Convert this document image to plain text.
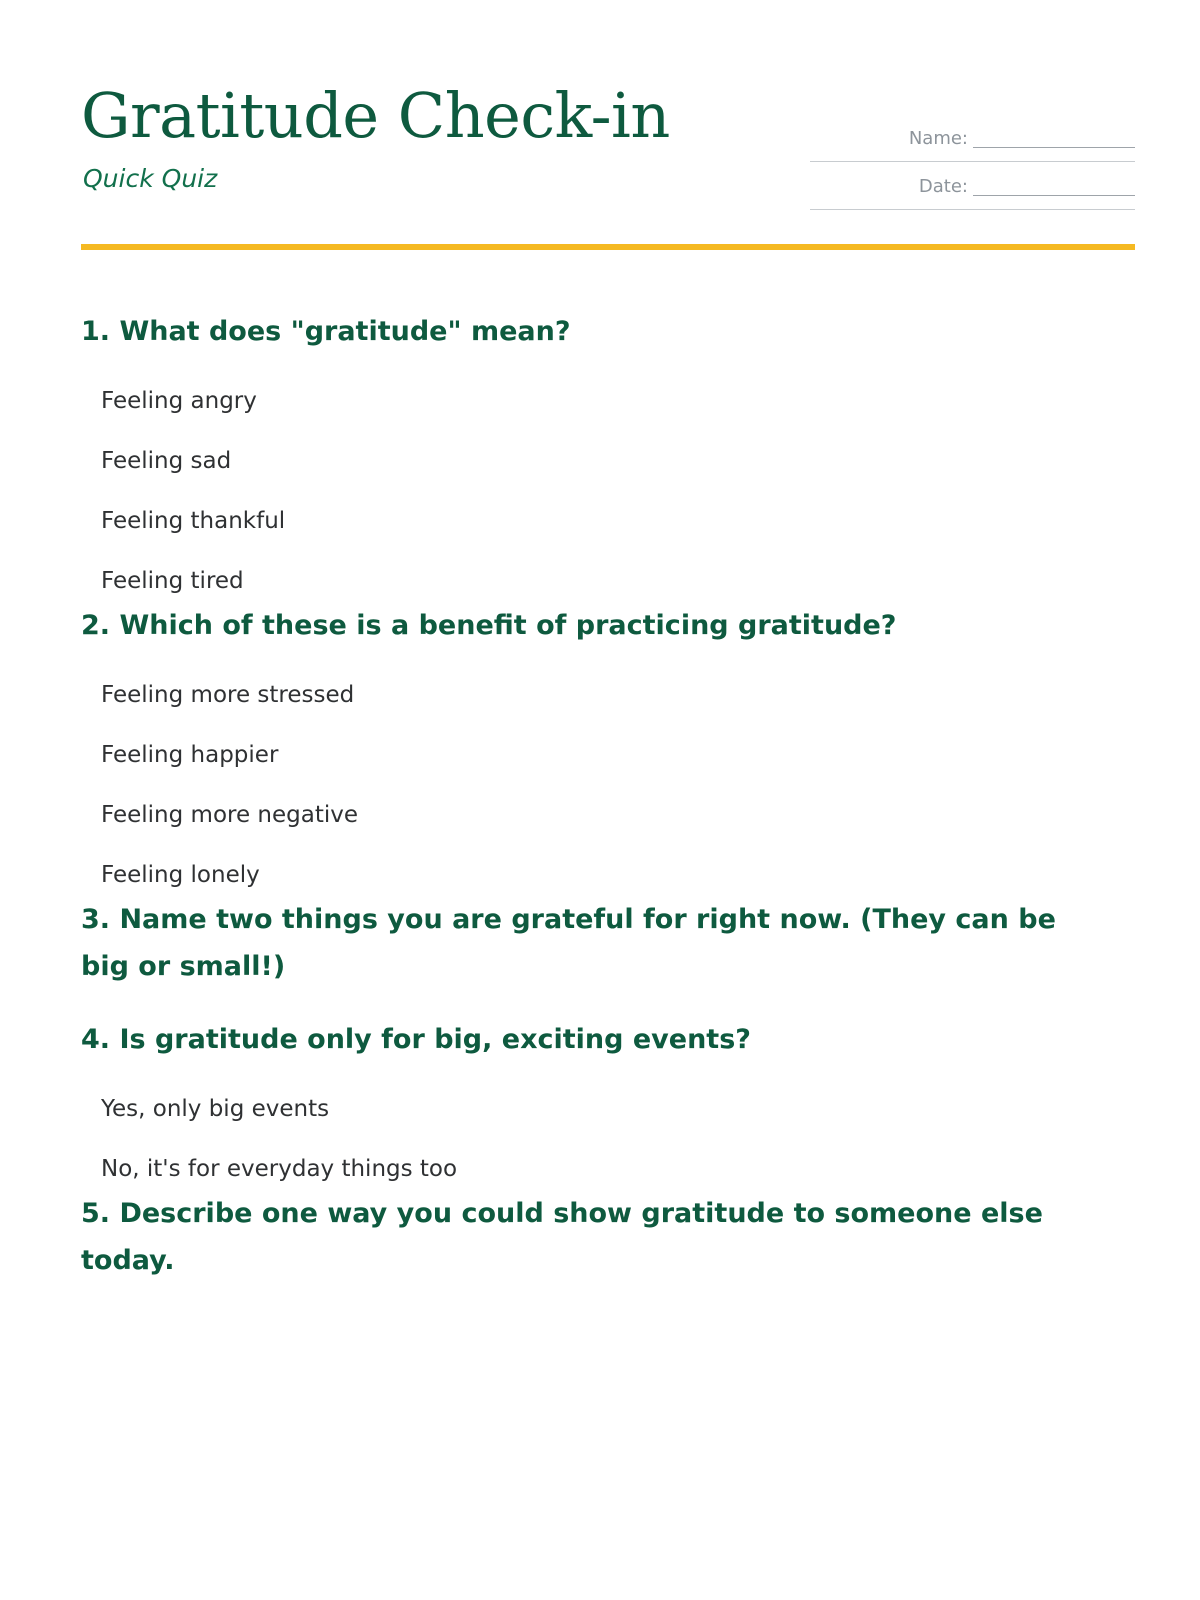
Gratitude Check-in
Quick Quiz
Name:
Date:
1. What does "gratitude" mean?
Feeling angry
Feeling sad
Feeling thankful
Feeling tired
2. Which of these is a benefit of practicing gratitude?
Feeling more stressed
Feeling happier
Feeling more negative
Feeling lonely
3. Name two things you are grateful for right now. (They can be big or small!)
4. Is gratitude only for big, exciting events?
Yes, only big events
No, it's for everyday things too
5. Describe one way you could show gratitude to someone else today.
